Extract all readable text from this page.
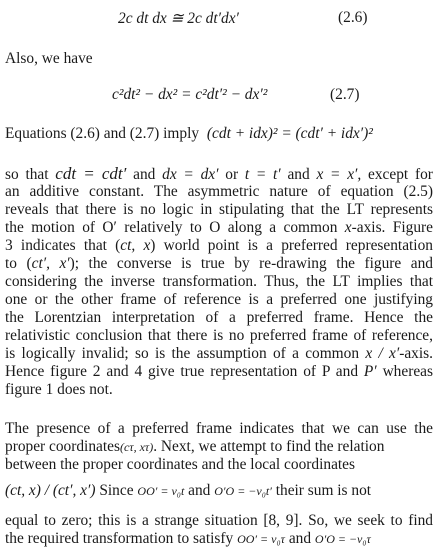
2c dt dx ≅ 2c dt′dx′	(2.6)
Also, we have
c²dt² − dx² = c²dt′² − dx′²	(2.7)
Equations (2.6) and (2.7) imply (cdt + idx)² = (cdt′ + idx′)²
so that cdt = cdt′ and dx = dx′ or t = t′ and x = x′, except for
an additive constant. The asymmetric nature of equation (2.5)
reveals that there is no logic in stipulating that the LT represents
the motion of O′ relatively to O along a common x-axis. Figure
3 indicates that (ct, x) world point is a preferred representation
to (ct′, x′); the converse is true by re-drawing the figure and
considering the inverse transformation. Thus, the LT implies that
one or the other frame of reference is a preferred one justifying
the Lorentzian interpretation of a preferred frame. Hence the
relativistic conclusion that there is no preferred frame of reference,
is logically invalid; so is the assumption of a common x / x′-axis.
Hence figure 2 and 4 give true representation of P and P′ whereas
figure 1 does not.
The presence of a preferred frame indicates that we can use the
proper coordinates(cτ, xτ). Next, we attempt to find the relation
between the proper coordinates and the local coordinates
(ct, x) / (ct′, x′) Since OO′ = v₀t and O′O = −v₀t′ their sum is not
equal to zero; this is a strange situation [8, 9]. So, we seek to find
the required transformation to satisfy OO′ = v₀τ and O′O = −v₀τ
